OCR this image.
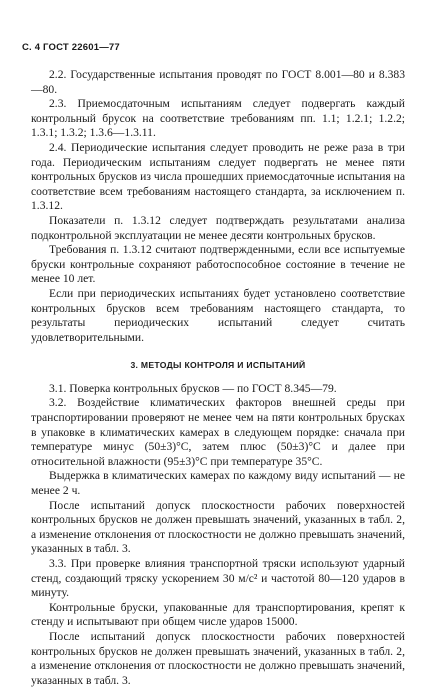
С. 4 ГОСТ 22601—77

2.2. Государственные испытания проводят по ГОСТ 8.001—80 и 8.383—80.

2.3. Приемосдаточным испытаниям следует подвергать каждый контрольный брусок на соответствие требованиям пп. 1.1; 1.2.1; 1.2.2; 1.3.1; 1.3.2; 1.3.6—1.3.11.

2.4. Периодические испытания следует проводить не реже раза в три года. Периодическим испытаниям следует подвергать не менее пяти контрольных брусков из числа прошедших приемосдаточные испытания на соответствие всем требованиям настоящего стандарта, за исключением п. 1.3.12.

Показатели п. 1.3.12 следует подтверждать результатами анализа подконтрольной эксплуатации не менее десяти контрольных брусков.

Требования п. 1.3.12 считают подтвержденными, если все испытуемые бруски контрольные сохраняют работоспособное состояние в течение не менее 10 лет.

Если при периодических испытаниях будет установлено соответствие контрольных брусков всем требованиям настоящего стандарта, то результаты периодических испытаний следует считать удовлетворительными.

3. МЕТОДЫ КОНТРОЛЯ И ИСПЫТАНИЙ

3.1. Поверка контрольных брусков — по ГОСТ 8.345—79.

3.2. Воздействие климатических факторов внешней среды при транспортировании проверяют не менее чем на пяти контрольных брусках в упаковке в климатических камерах в следующем порядке: сначала при температуре минус (50±3)°С, затем плюс (50±3)°С и далее при относительной влажности (95±3)°С при температуре 35°С.

Выдержка в климатических камерах по каждому виду испытаний — не менее 2 ч.

После испытаний допуск плоскостности рабочих поверхностей контрольных брусков не должен превышать значений, указанных в табл. 2, а изменение отклонения от плоскостности не должно превышать значений, указанных в табл. 3.

3.3. При проверке влияния транспортной тряски используют ударный стенд, создающий тряску ускорением 30 м/с² и частотой 80—120 ударов в минуту.

Контрольные бруски, упакованные для транспортирования, крепят к стенду и испытывают при общем числе ударов 15000.

После испытаний допуск плоскостности рабочих поверхностей контрольных брусков не должен превышать значений, указанных в табл. 2, а изменение отклонения от плоскостности не должно превышать значений, указанных в табл. 3.
